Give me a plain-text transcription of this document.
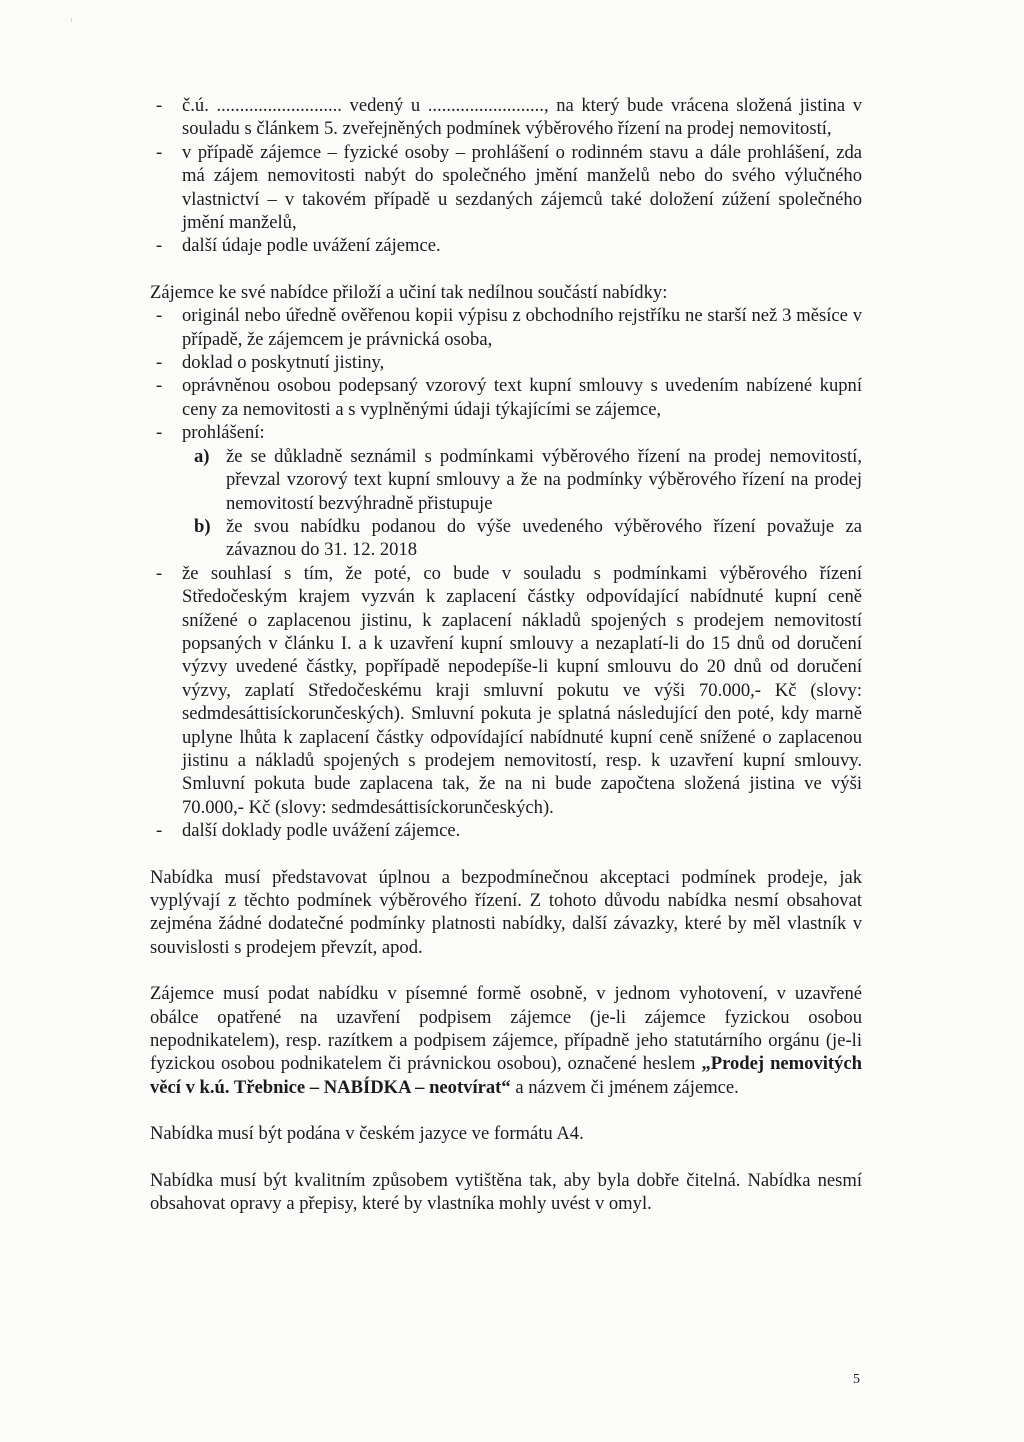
'
- č.ú. ........................... vedený u ........................., na který bude vrácena složená jistina v souladu s článkem 5. zveřejněných podmínek výběrového řízení na prodej nemovitostí,
- v případě zájemce – fyzické osoby – prohlášení o rodinném stavu a dále prohlášení, zda má zájem nemovitosti nabýt do společného jmění manželů nebo do svého výlučného vlastnictví – v takovém případě u sezdaných zájemců také doložení zúžení společného jmění manželů,
- další údaje podle uvážení zájemce.

Zájemce ke své nabídce přiloží a učiní tak nedílnou součástí nabídky:

- originál nebo úředně ověřenou kopii výpisu z obchodního rejstříku ne starší než 3 měsíce v případě, že zájemcem je právnická osoba,
- doklad o poskytnutí jistiny,
- oprávněnou osobou podepsaný vzorový text kupní smlouvy s uvedením nabízené kupní ceny za nemovitosti a s vyplněnými údaji týkajícími se zájemce,
- prohlášení:
a) že se důkladně seznámil s podmínkami výběrového řízení na prodej nemovitostí, převzal vzorový text kupní smlouvy a že na podmínky výběrového řízení na prodej nemovitostí bezvýhradně přistupuje
b) že svou nabídku podanou do výše uvedeného výběrového řízení považuje za závaznou do 31. 12. 2018
- že souhlasí s tím, že poté, co bude v souladu s podmínkami výběrového řízení Středočeským krajem vyzván k zaplacení částky odpovídající nabídnuté kupní ceně snížené o zaplacenou jistinu, k zaplacení nákladů spojených s prodejem nemovitostí popsaných v článku I. a k uzavření kupní smlouvy a nezaplatí-li do 15 dnů od doručení výzvy uvedené částky, popřípadě nepodepíše-li kupní smlouvu do 20 dnů od doručení výzvy, zaplatí Středočeskému kraji smluvní pokutu ve výši 70.000,- Kč (slovy: sedmdesáttisíckorunčeských). Smluvní pokuta je splatná následující den poté, kdy marně uplyne lhůta k zaplacení částky odpovídající nabídnuté kupní ceně snížené o zaplacenou jistinu a nákladů spojených s prodejem nemovitostí, resp. k uzavření kupní smlouvy. Smluvní pokuta bude zaplacena tak, že na ni bude započtena složená jistina ve výši 70.000,- Kč (slovy: sedmdesáttisíckorunčeských).
- další doklady podle uvážení zájemce.

Nabídka musí představovat úplnou a bezpodmínečnou akceptaci podmínek prodeje, jak vyplývají z těchto podmínek výběrového řízení. Z tohoto důvodu nabídka nesmí obsahovat zejména žádné dodatečné podmínky platnosti nabídky, další závazky, které by měl vlastník v souvislosti s prodejem převzít, apod.

Zájemce musí podat nabídku v písemné formě osobně, v jednom vyhotovení, v uzavřené obálce opatřené na uzavření podpisem zájemce (je-li zájemce fyzickou osobou nepodnikatelem), resp. razítkem a podpisem zájemce, případně jeho statutárního orgánu (je-li fyzickou osobou podnikatelem či právnickou osobou), označené heslem „Prodej nemovitých věcí v k.ú. Třebnice – NABÍDKA – neotvírat“ a názvem či jménem zájemce.

Nabídka musí být podána v českém jazyce ve formátu A4.

Nabídka musí být kvalitním způsobem vytištěna tak, aby byla dobře čitelná. Nabídka nesmí obsahovat opravy a přepisy, které by vlastníka mohly uvést v omyl.

5
